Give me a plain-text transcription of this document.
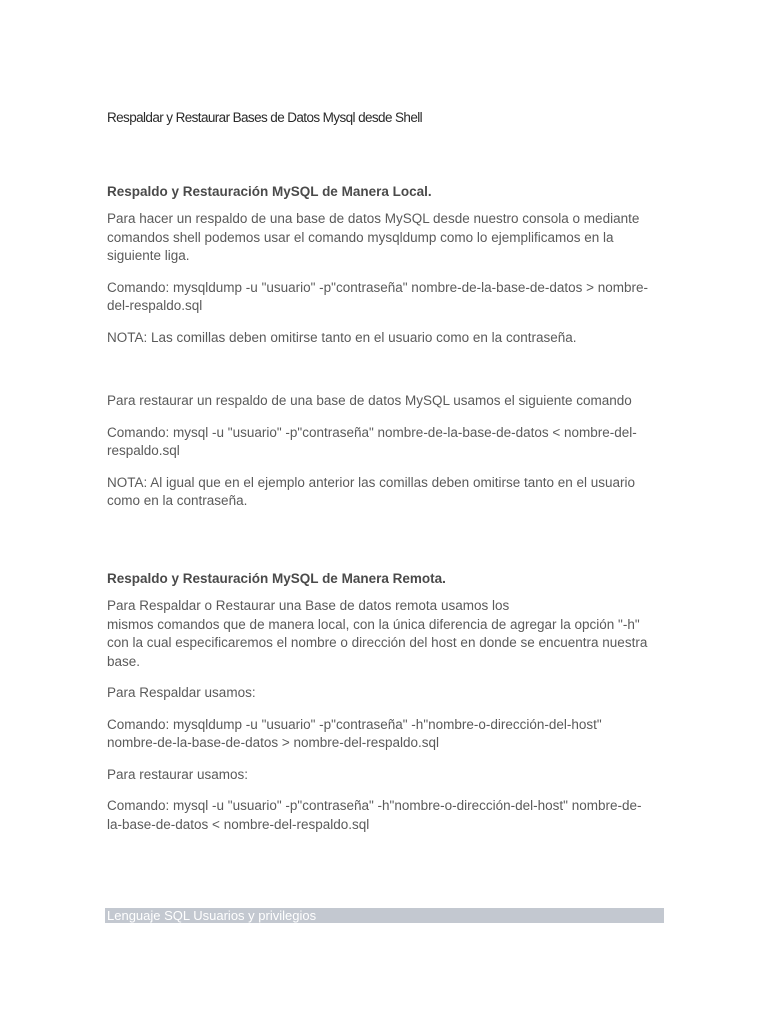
Respaldar y Restaurar Bases de Datos Mysql desde Shell
Respaldo y Restauración MySQL de Manera Local.
Para hacer un respaldo de una base de datos MySQL desde nuestro consola o mediante
comandos shell podemos usar el comando mysqldump como lo ejemplificamos en la
siguiente liga.
Comando: mysqldump -u "usuario" -p"contraseña" nombre-de-la-base-de-datos > nombre-
del-respaldo.sql
NOTA: Las comillas deben omitirse tanto en el usuario como en la contraseña.
Para restaurar un respaldo de una base de datos MySQL usamos el siguiente comando
Comando: mysql -u "usuario" -p"contraseña" nombre-de-la-base-de-datos < nombre-del-
respaldo.sql
NOTA: Al igual que en el ejemplo anterior las comillas deben omitirse tanto en el usuario
como en la contraseña.
Respaldo y Restauración MySQL de Manera Remota.
Para Respaldar o Restaurar una Base de datos remota usamos los
mismos comandos que de manera local, con la única diferencia de agregar la opción "-h"
con la cual especificaremos el nombre o dirección del host en donde se encuentra nuestra
base.
Para Respaldar usamos:
Comando: mysqldump -u "usuario" -p"contraseña" -h"nombre-o-dirección-del-host"
nombre-de-la-base-de-datos > nombre-del-respaldo.sql
Para restaurar usamos:
Comando: mysql -u "usuario" -p"contraseña" -h"nombre-o-dirección-del-host" nombre-de-
la-base-de-datos < nombre-del-respaldo.sql
Lenguaje SQL Usuarios y privilegios
